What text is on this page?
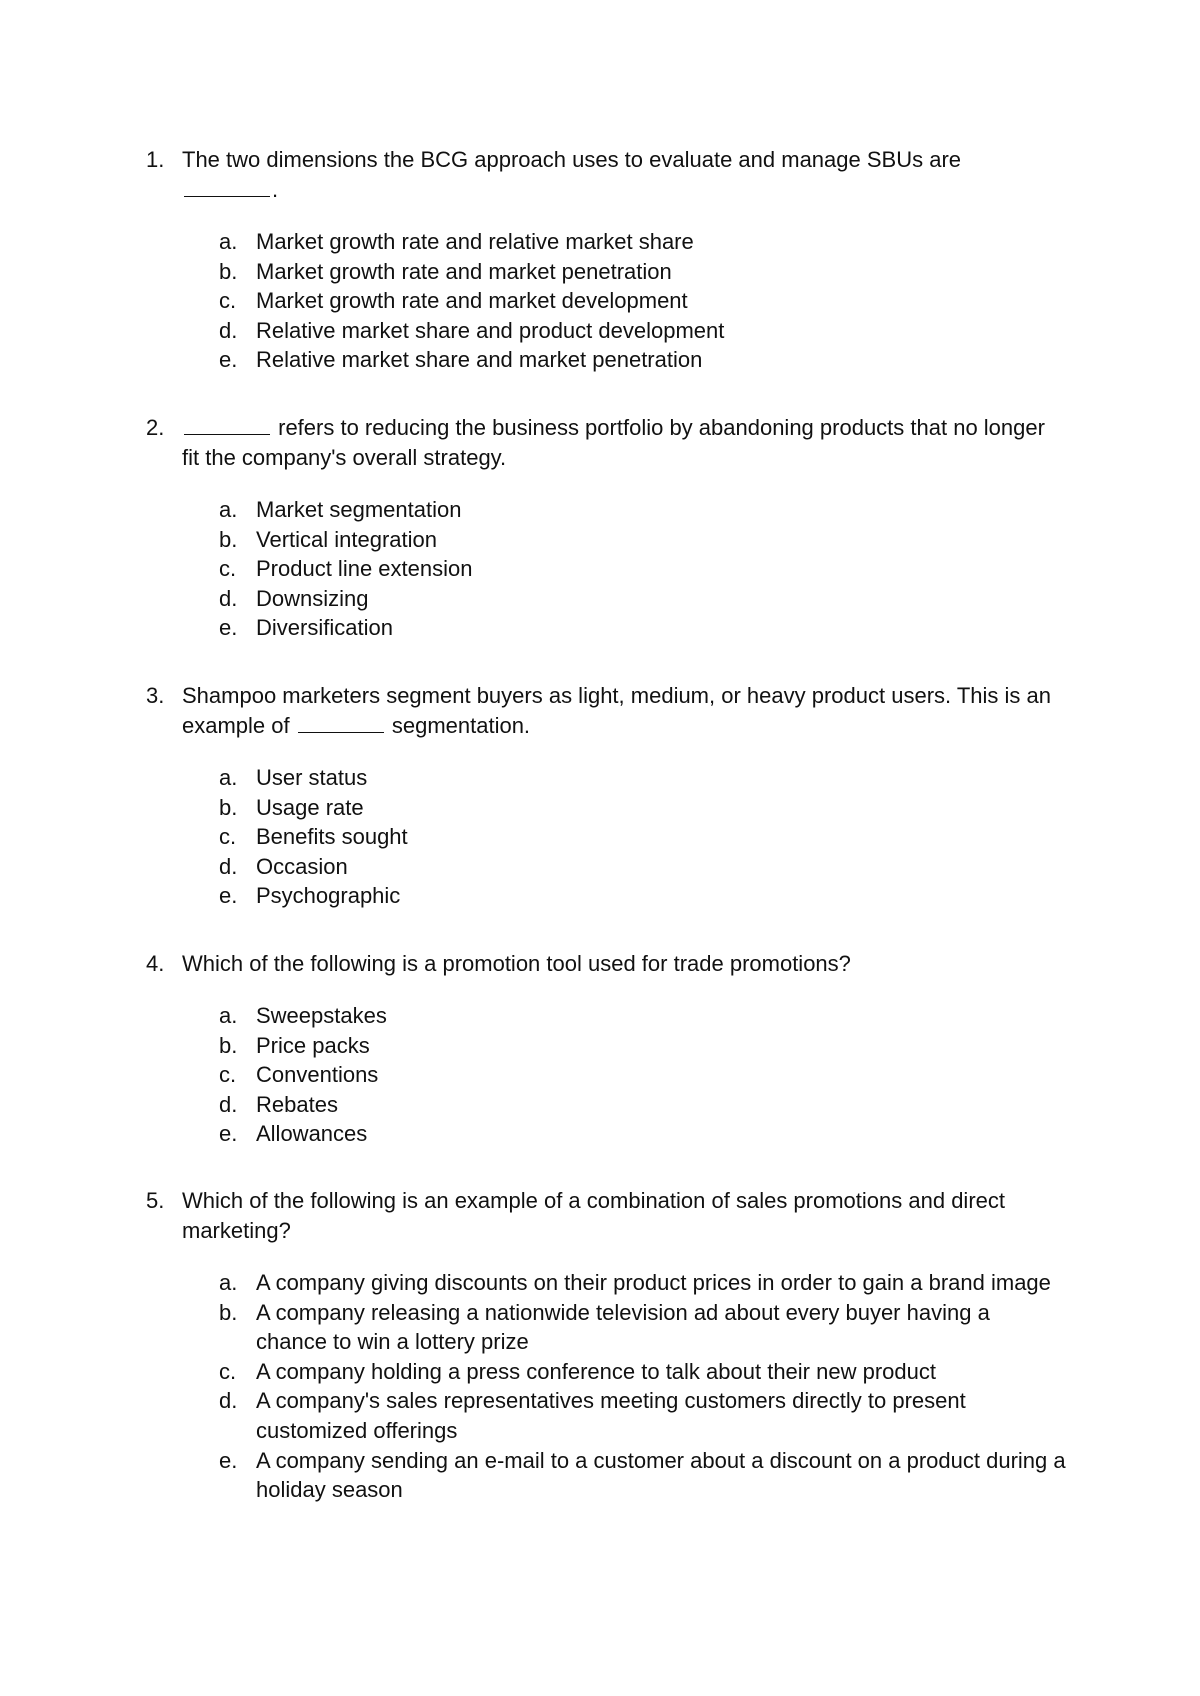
1. The two dimensions the BCG approach uses to evaluate and manage SBUs are
.
a. Market growth rate and relative market share
b. Market growth rate and market penetration
c. Market growth rate and market development
d. Relative market share and product development
e. Relative market share and market penetration
2.	refers to reducing the business portfolio by abandoning products that no longer fit the company's overall strategy.
a. Market segmentation
b. Vertical integration
c. Product line extension
d. Downsizing
e. Diversification
3. Shampoo marketers segment buyers as light, medium, or heavy product users. This is an example of	segmentation.
a. User status
b. Usage rate
c. Benefits sought
d. Occasion
e. Psychographic
4. Which of the following is a promotion tool used for trade promotions?
a. Sweepstakes
b. Price packs
c. Conventions
d. Rebates
e. Allowances
5. Which of the following is an example of a combination of sales promotions and direct marketing?
a. A company giving discounts on their product prices in order to gain a brand image
b. A company releasing a nationwide television ad about every buyer having a chance to win a lottery prize
c. A company holding a press conference to talk about their new product
d. A company's sales representatives meeting customers directly to present customized offerings
e. A company sending an e-mail to a customer about a discount on a product during a holiday season
